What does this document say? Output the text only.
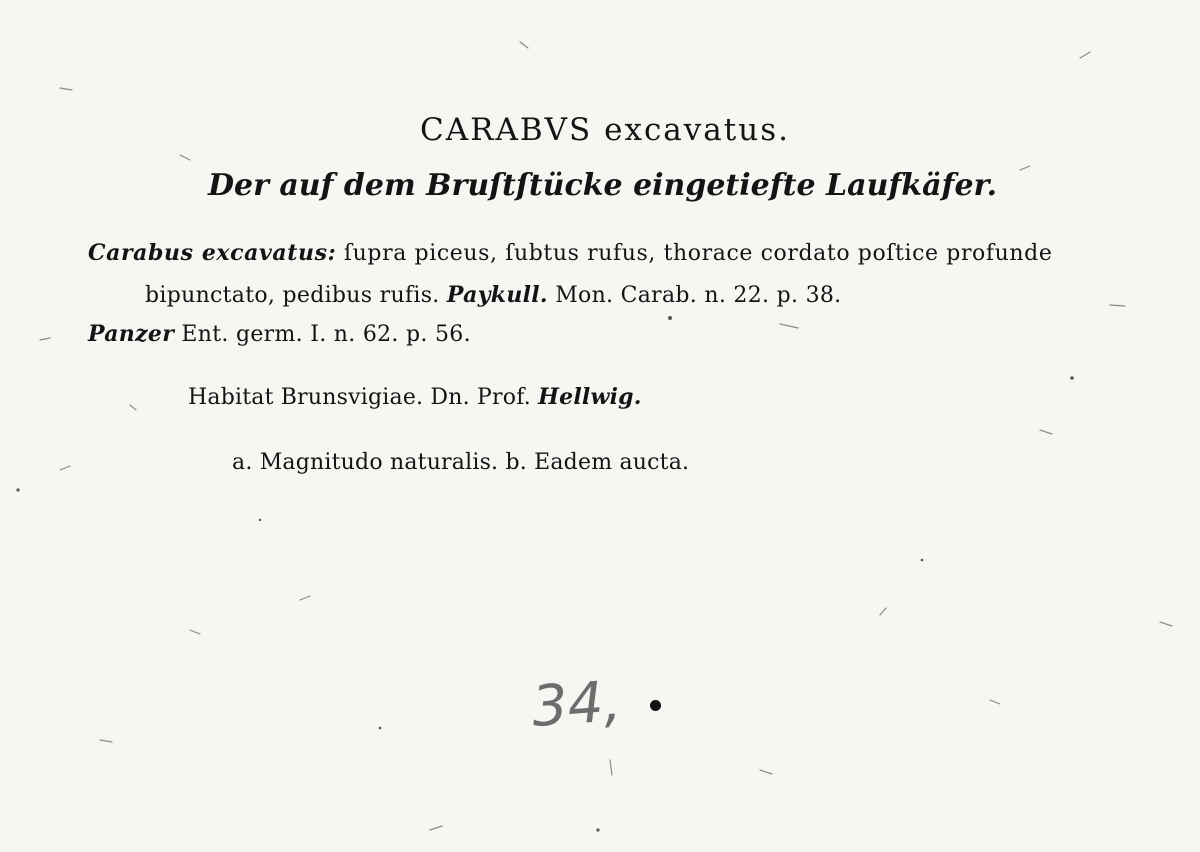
CARABVS excavatus.
Der auf dem Bruſtſtücke eingetiefte Laufkäfer.
Carabus excavatus: ſupra piceus, ſubtus rufus, thorace cordato poſtice profunde
bipunctato, pedibus rufis. Paykull. Mon. Carab. n. 22. p. 38.
Panzer Ent. germ. I. n. 62. p. 56.
Habitat Brunsvigiae. Dn. Prof. Hellwig.
a. Magnitudo naturalis. b. Eadem aucta.
34,
